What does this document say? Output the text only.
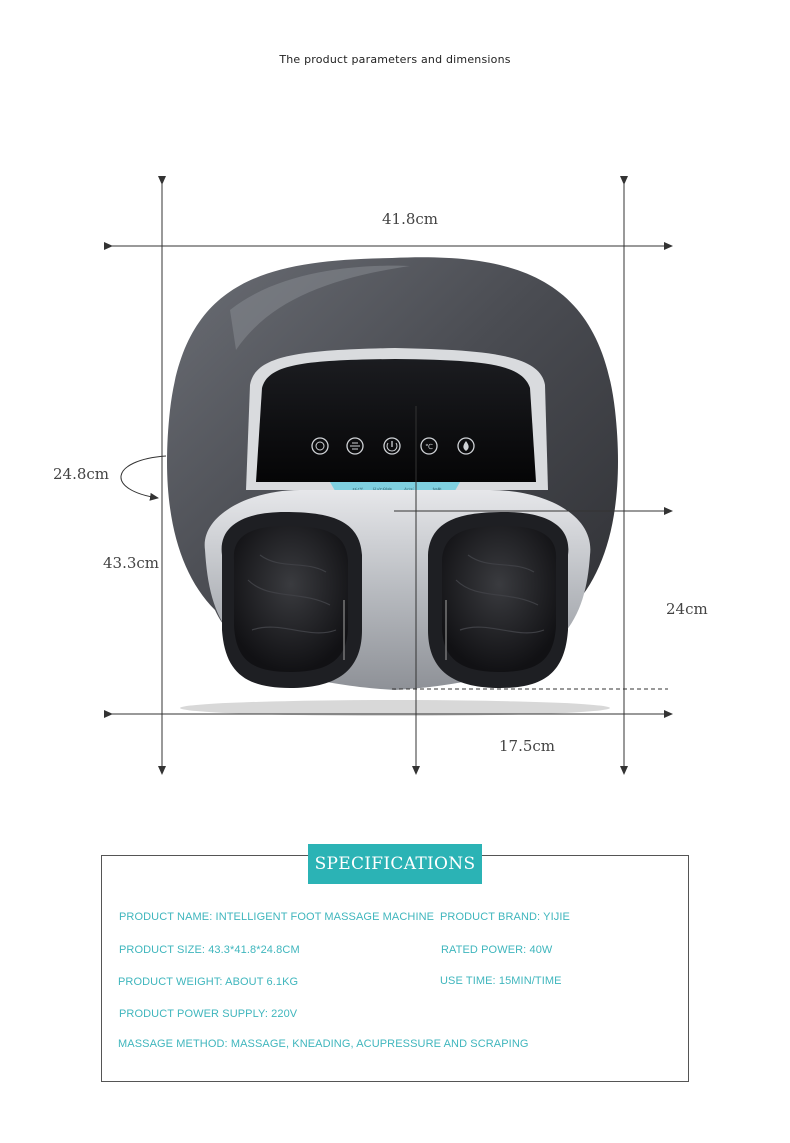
The product parameters and dimensions
℃
41.8cm
24.8cm
43.3cm
24cm
17.5cm
SPECIFICATIONS
PRODUCT NAME: INTELLIGENT FOOT MASSAGE MACHINE PRODUCT BRAND: YIJIE
PRODUCT SIZE: 43.3*41.8*24.8CM	RATED POWER: 40W
PRODUCT WEIGHT: ABOUT 6.1KG	USE TIME: 15MIN/TIME
PRODUCT POWER SUPPLY: 220V
MASSAGE METHOD: MASSAGE, KNEADING, ACUPRESSURE AND SCRAPING
